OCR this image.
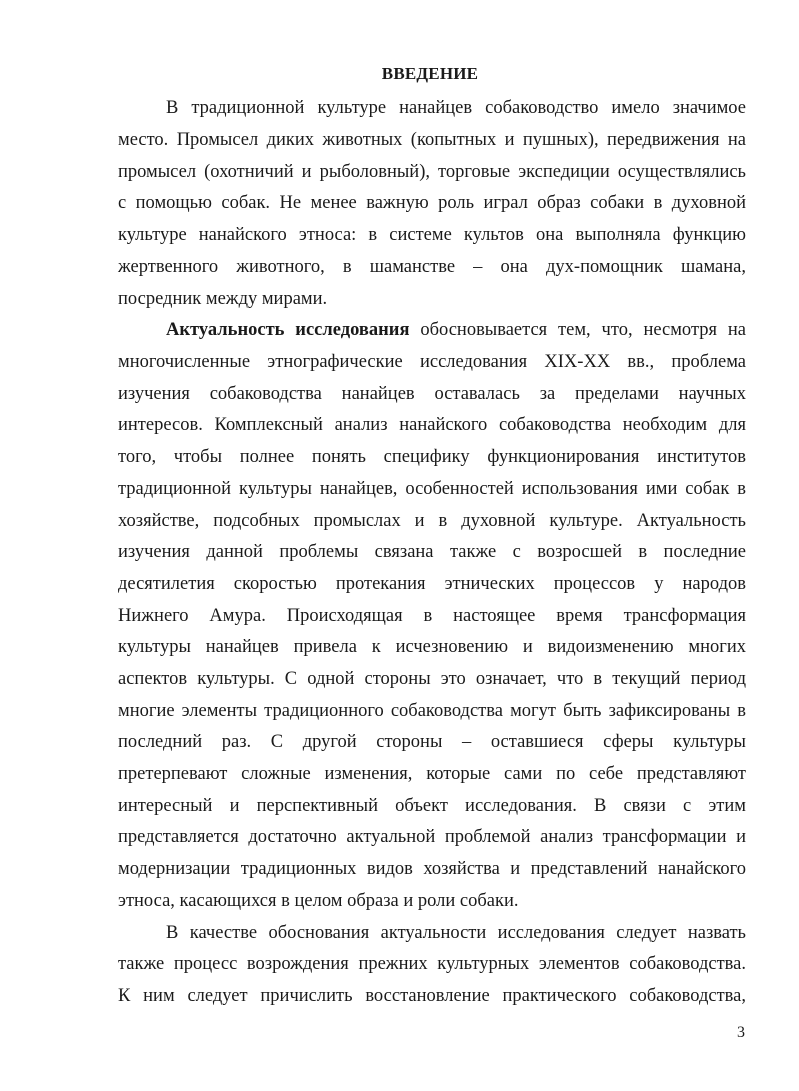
ВВЕДЕНИЕ
В традиционной культуре нанайцев собаководство имело значимое
место. Промысел диких животных (копытных и пушных), передвижения на
промысел (охотничий и рыболовный), торговые экспедиции осуществлялись
с помощью собак. Не менее важную роль играл образ собаки в духовной
культуре нанайского этноса: в системе культов она выполняла функцию
жертвенного животного, в шаманстве – она дух-помощник шамана,
посредник между мирами.
Актуальность исследования обосновывается тем, что, несмотря на
многочисленные этнографические исследования XIX-XX вв., проблема
изучения собаководства нанайцев оставалась за пределами научных
интересов. Комплексный анализ нанайского собаководства необходим для
того, чтобы полнее понять специфику функционирования институтов
традиционной культуры нанайцев, особенностей использования ими собак в
хозяйстве, подсобных промыслах и в духовной культуре. Актуальность
изучения данной проблемы связана также с возросшей в последние
десятилетия скоростью протекания этнических процессов у народов
Нижнего Амура. Происходящая в настоящее время трансформация
культуры нанайцев привела к исчезновению и видоизменению многих
аспектов культуры. С одной стороны это означает, что в текущий период
многие элементы традиционного собаководства могут быть зафиксированы в
последний раз. С другой стороны – оставшиеся сферы культуры
претерпевают сложные изменения, которые сами по себе представляют
интересный и перспективный объект исследования. В связи с этим
представляется достаточно актуальной проблемой анализ трансформации и
модернизации традиционных видов хозяйства и представлений нанайского
этноса, касающихся в целом образа и роли собаки.
В качестве обоснования актуальности исследования следует назвать
также процесс возрождения прежних культурных элементов собаководства.
К ним следует причислить восстановление практического собаководства,
3
